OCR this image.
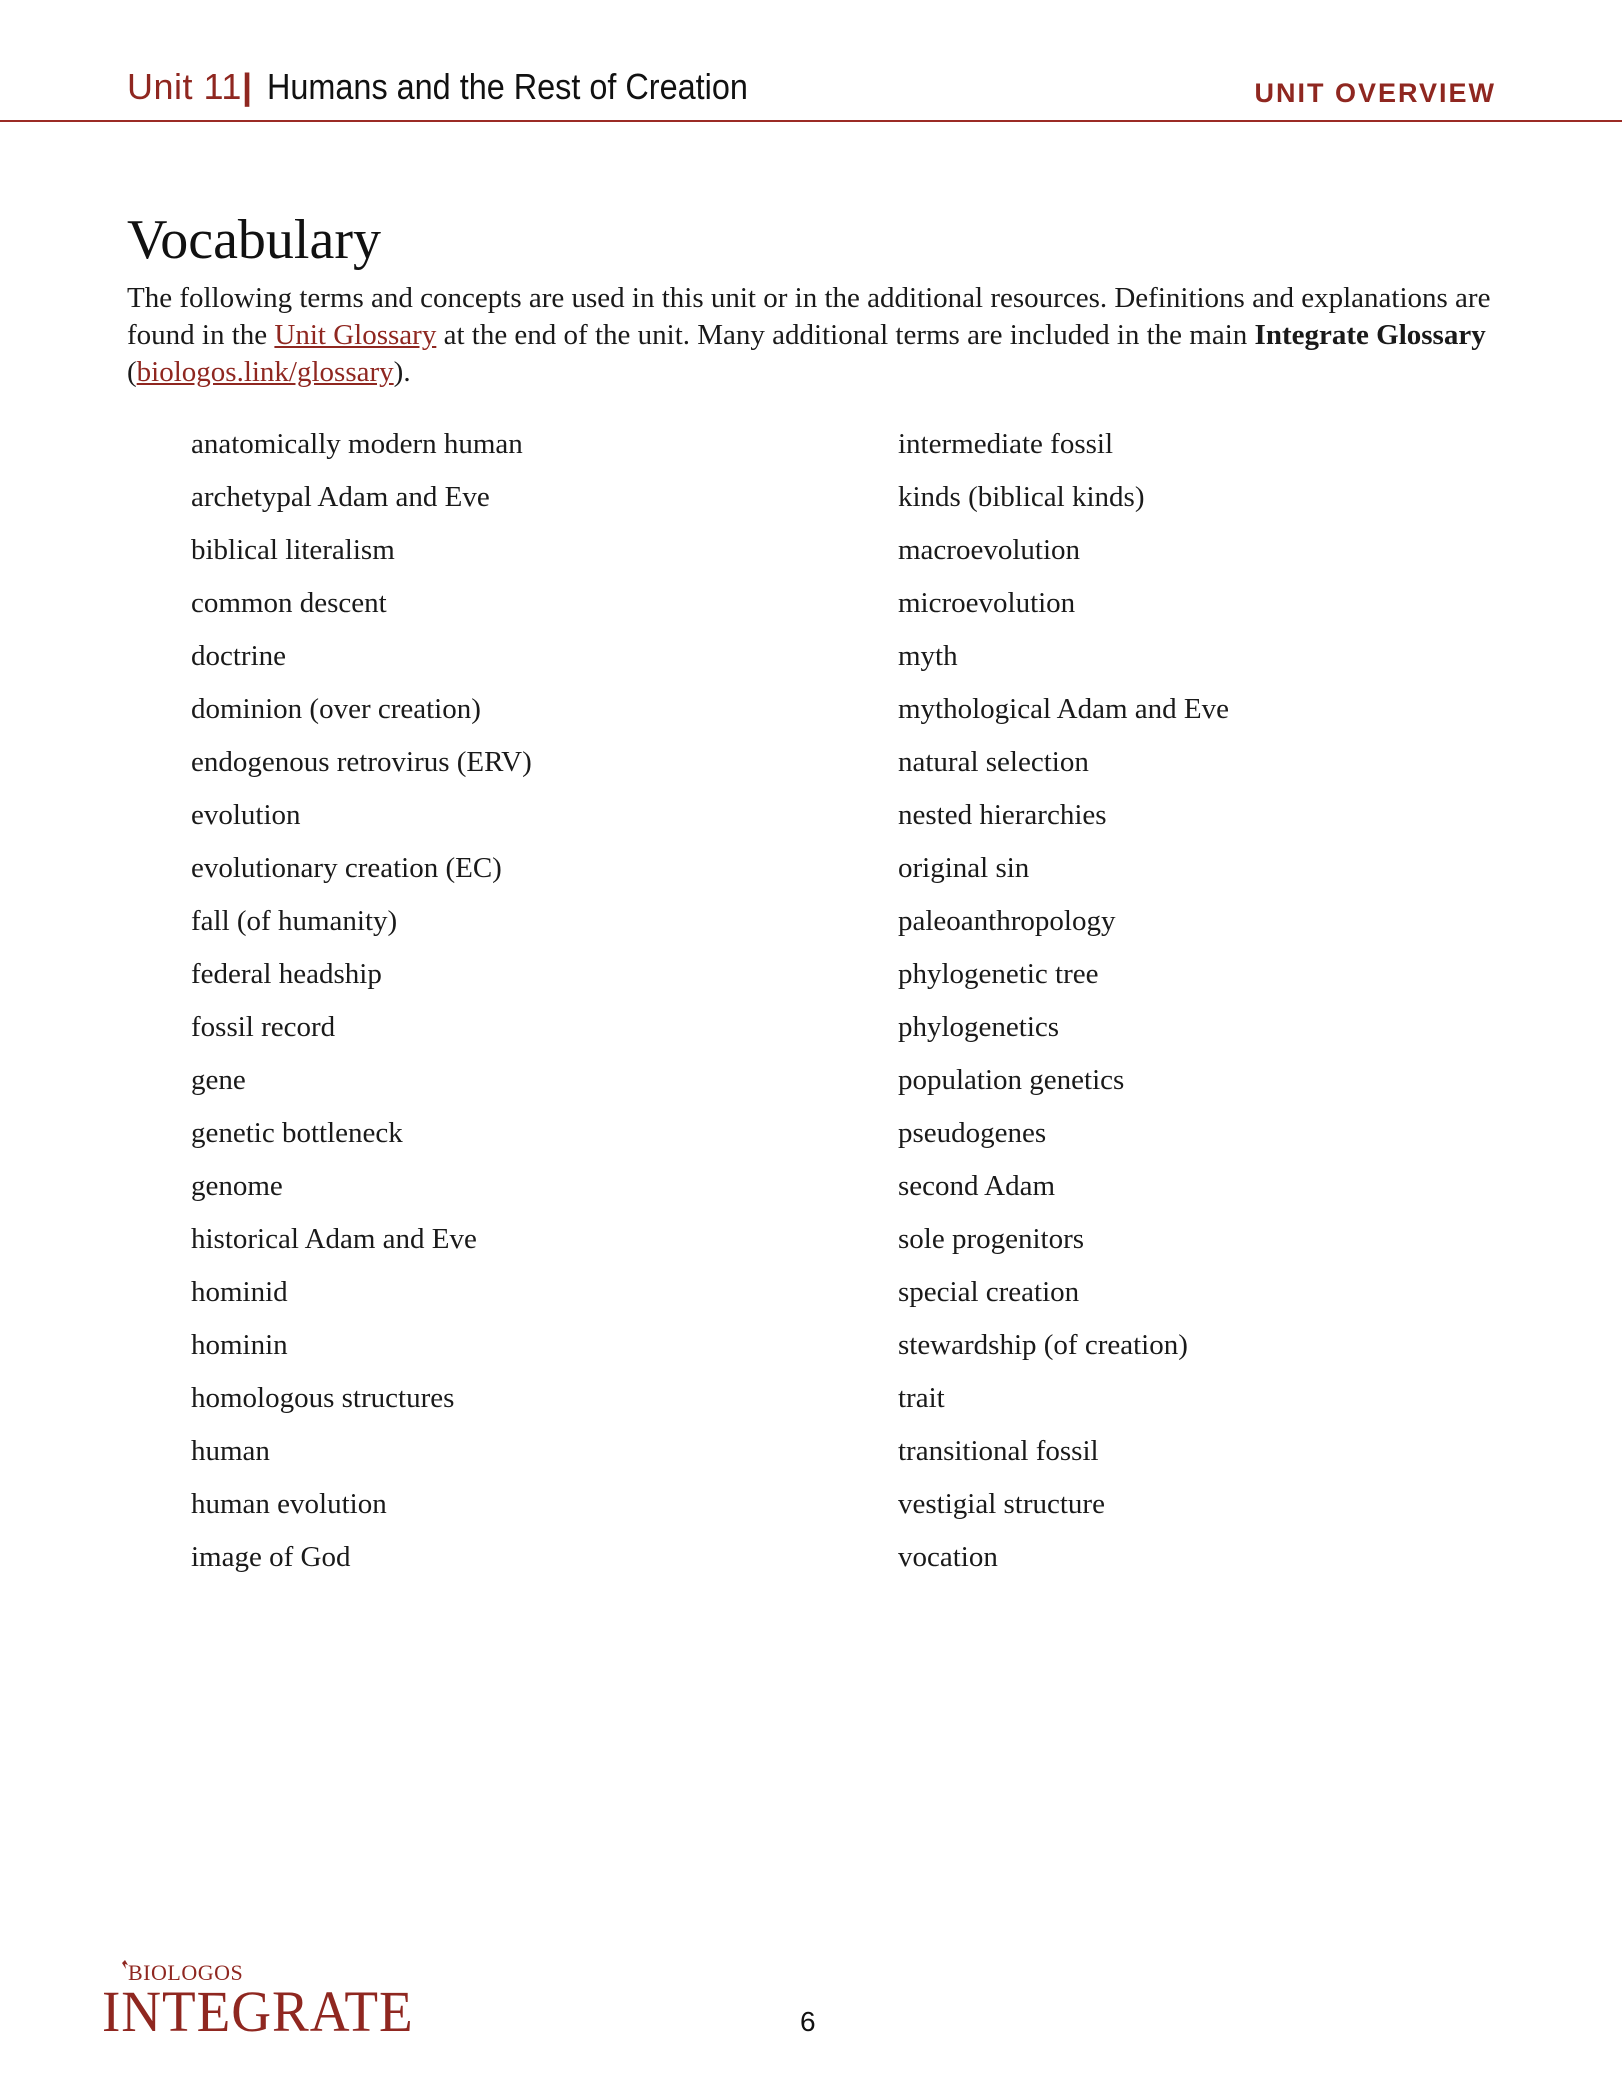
Unit 11 | Humans and the Rest of Creation	UNIT OVERVIEW
Vocabulary

The following terms and concepts are used in this unit or in the additional resources. Definitions and explanations are found in the Unit Glossary at the end of the unit. Many additional terms are included in the main Integrate Glossary (biologos.link/glossary).

anatomically modern human
archetypal Adam and Eve
biblical literalism
common descent
doctrine
dominion (over creation)
endogenous retrovirus (ERV)
evolution
evolutionary creation (EC)
fall (of humanity)
federal headship
fossil record
gene
genetic bottleneck
genome
historical Adam and Eve
hominid
hominin
homologous structures
human
human evolution
image of God
intermediate fossil
kinds (biblical kinds)
macroevolution
microevolution
myth
mythological Adam and Eve
natural selection
nested hierarchies
original sin
paleoanthropology
phylogenetic tree
phylogenetics
population genetics
pseudogenes
second Adam
sole progenitors
special creation
stewardship (of creation)
trait
transitional fossil
vestigial structure
vocation
BIOLOGOS
INTEGRATE	6
